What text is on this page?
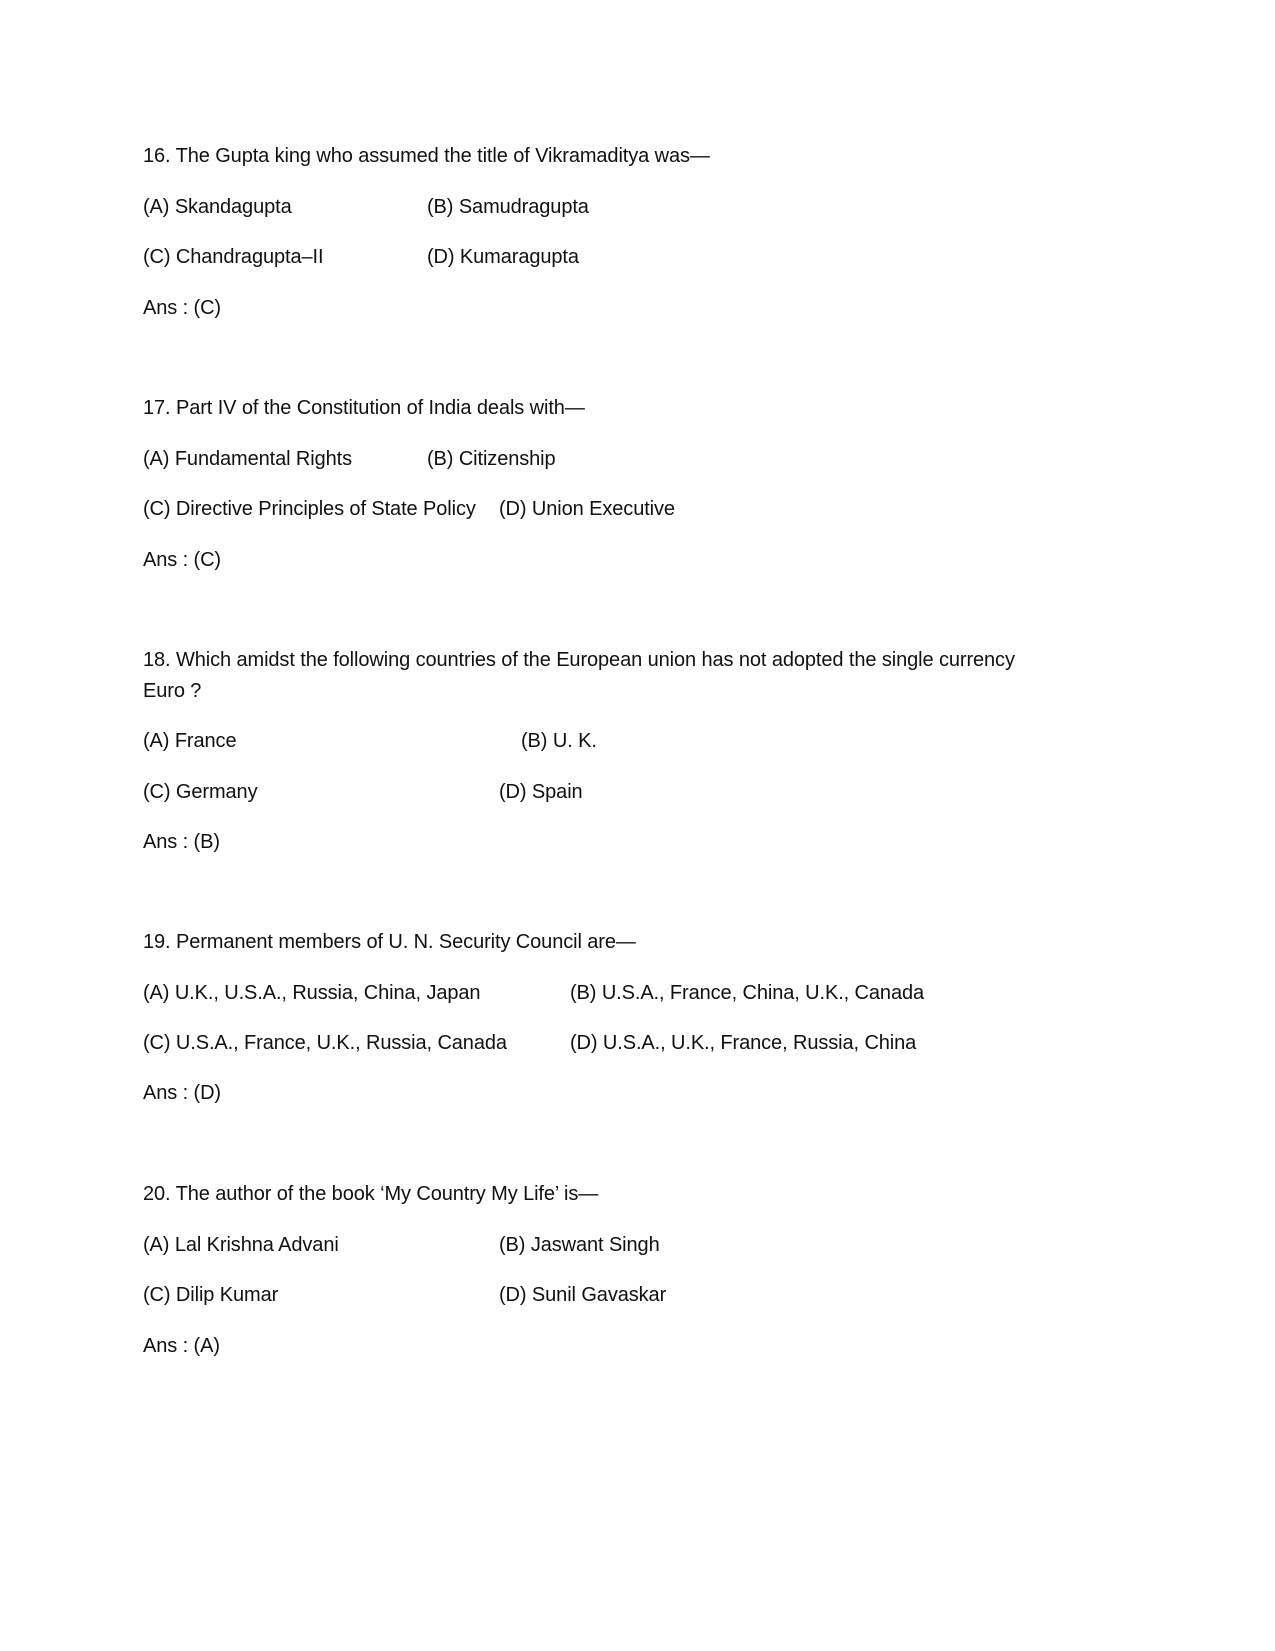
16. The Gupta king who assumed the title of Vikramaditya was—
(A) Skandagupta	(B) Samudragupta
(C) Chandragupta–II	(D) Kumaragupta
Ans : (C)
17. Part IV of the Constitution of India deals with—
(A) Fundamental Rights	(B) Citizenship
(C) Directive Principles of State Policy (D) Union Executive
Ans : (C)
18. Which amidst the following countries of the European union has not adopted the single currency
Euro ?
(A) France	(B) U. K.
(C) Germany	(D) Spain
Ans : (B)
19. Permanent members of U. N. Security Council are—
(A) U.K., U.S.A., Russia, China, Japan	(B) U.S.A., France, China, U.K., Canada
(C) U.S.A., France, U.K., Russia, Canada	(D) U.S.A., U.K., France, Russia, China
Ans : (D)
20. The author of the book ‘My Country My Life’ is—
(A) Lal Krishna Advani	(B) Jaswant Singh
(C) Dilip Kumar	(D) Sunil Gavaskar
Ans : (A)
